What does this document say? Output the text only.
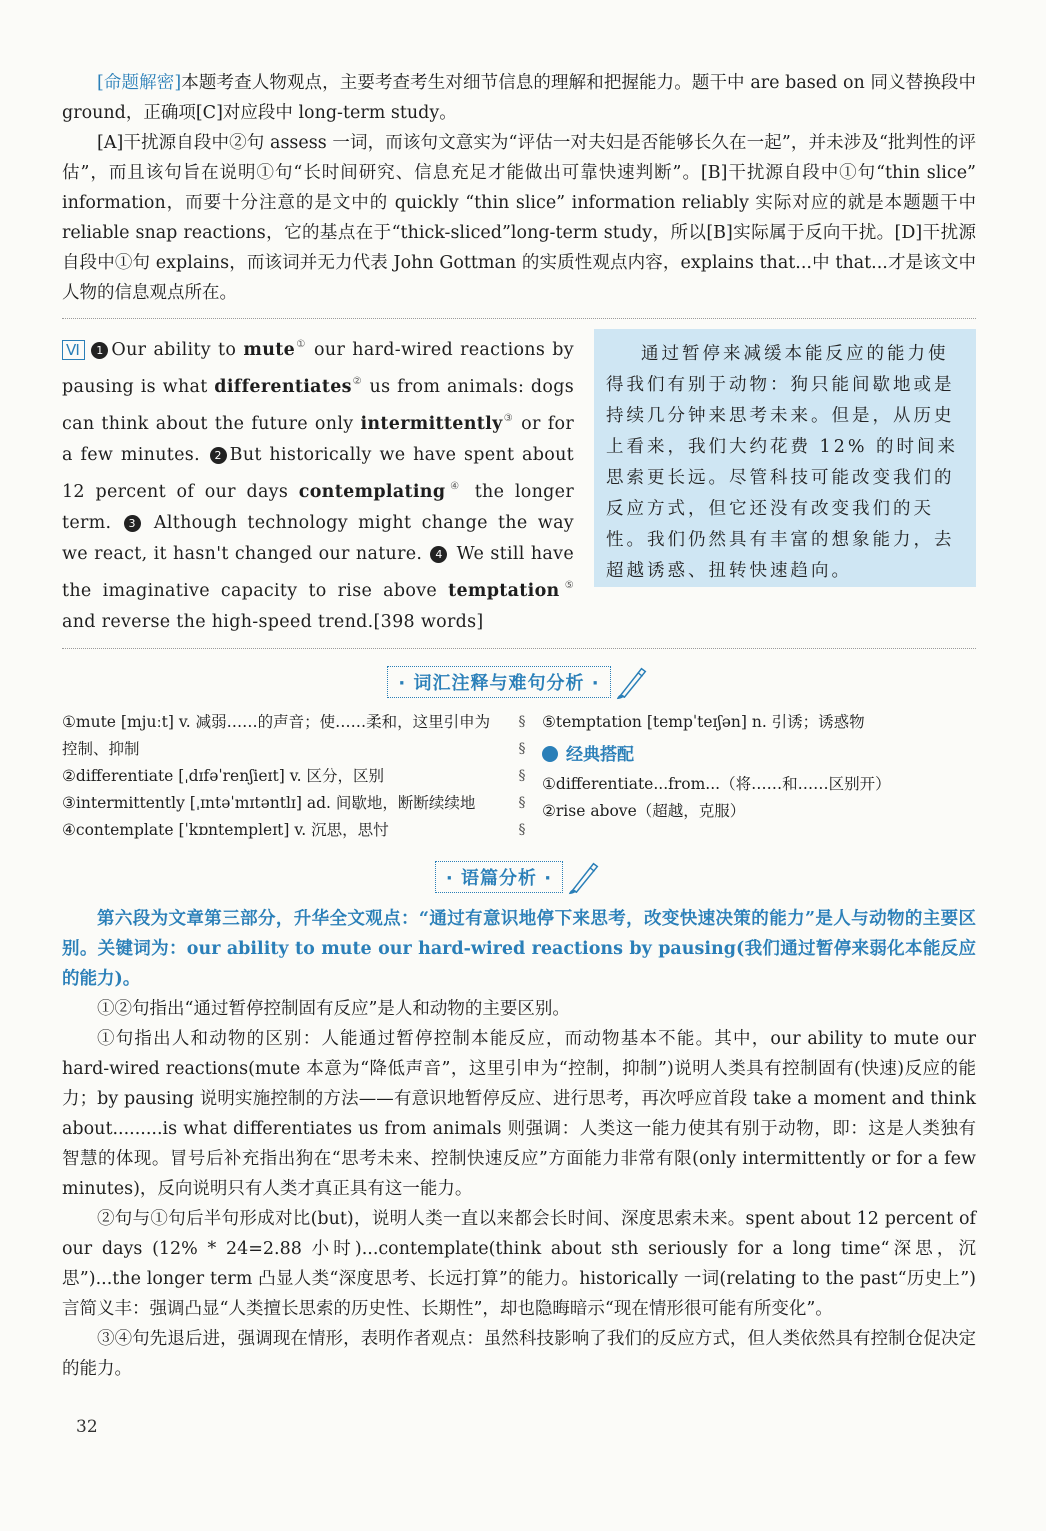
[命题解密]本题考查人物观点，主要考查考生对细节信息的理解和把握能力。题干中 are based on 同义替换段中 ground，正确项[C]对应段中 long-term study。

[A]干扰源自段中②句 assess 一词，而该句文意实为“评估一对夫妇是否能够长久在一起”，并未涉及“批判性的评估”，而且该句旨在说明①句“长时间研究、信息充足才能做出可靠快速判断”。[B]干扰源自段中①句“thin slice” information，而要十分注意的是文中的 quickly “thin slice” information reliably 实际对应的就是本题题干中 reliable snap reactions，它的基点在于“thick-sliced”long-term study，所以[B]实际属于反向干扰。[D]干扰源自段中①句 explains，而该词并无力代表 John Gottman 的实质性观点内容，explains that...中 that...才是该文中人物的信息观点所在。

Ⅵ 1 Our ability to mute① our hard-wired reactions by pausing is what differentiates② us from animals: dogs can think about the future only intermittently③ or for a few minutes. 2 But historically we have spent about 12 percent of our days contemplating④ the longer term. 3 Although technology might change the way we react, it hasn't changed our nature. 4 We still have the imaginative capacity to rise above temptation⑤ and reverse the high-speed trend.[398 words]
通过暂停来减缓本能反应的能力使得我们有别于动物：狗只能间歇地或是持续几分钟来思考未来。但是，从历史上看来，我们大约花费 12% 的时间来思索更长远。尽管科技可能改变我们的反应方式，但它还没有改变我们的天性。我们仍然具有丰富的想象能力，去超越诱惑、扭转快速趋向。
· 词汇注释与难句分析 ·
①mute [mjuːt] v. 减弱……的声音；使……柔和，这里引申为控制、抑制
②differentiate [ˌdɪfəˈrenʃieɪt] v. 区分，区别
③intermittently [ˌɪntəˈmɪtəntlɪ] ad. 间歇地，断断续续地
④contemplate [ˈkɒntempleɪt] v. 沉思，思忖
§
§
§
§
§
⑤temptation [tempˈteɪʃən] n. 引诱；诱惑物
经典搭配
①differentiate...from...（将……和……区别开）
②rise above（超越，克服）
· 语篇分析 ·

第六段为文章第三部分，升华全文观点：“通过有意识地停下来思考，改变快速决策的能力”是人与动物的主要区别。关键词为：our ability to mute our hard-wired reactions by pausing(我们通过暂停来弱化本能反应的能力)。

①②句指出“通过暂停控制固有反应”是人和动物的主要区别。

①句指出人和动物的区别：人能通过暂停控制本能反应，而动物基本不能。其中，our ability to mute our hard-wired reactions(mute 本意为“降低声音”，这里引申为“控制，抑制”)说明人类具有控制固有(快速)反应的能力；by pausing 说明实施控制的方法——有意识地暂停反应、进行思考，再次呼应首段 take a moment and think about.........is what differentiates us from animals 则强调：人类这一能力使其有别于动物，即：这是人类独有智慧的体现。冒号后补充指出狗在“思考未来、控制快速反应”方面能力非常有限(only intermittently or for a few minutes)，反向说明只有人类才真正具有这一能力。

②句与①句后半句形成对比(but)，说明人类一直以来都会长时间、深度思索未来。spent about 12 percent of our days (12% * 24=2.88 小时)...contemplate(think about sth seriously for a long time“深思，沉思”)...the longer term 凸显人类“深度思考、长远打算”的能力。historically 一词(relating to the past“历史上”)言简义丰：强调凸显“人类擅长思索的历史性、长期性”，却也隐晦暗示“现在情形很可能有所变化”。

③④句先退后进，强调现在情形，表明作者观点：虽然科技影响了我们的反应方式，但人类依然具有控制仓促决定的能力。

32
